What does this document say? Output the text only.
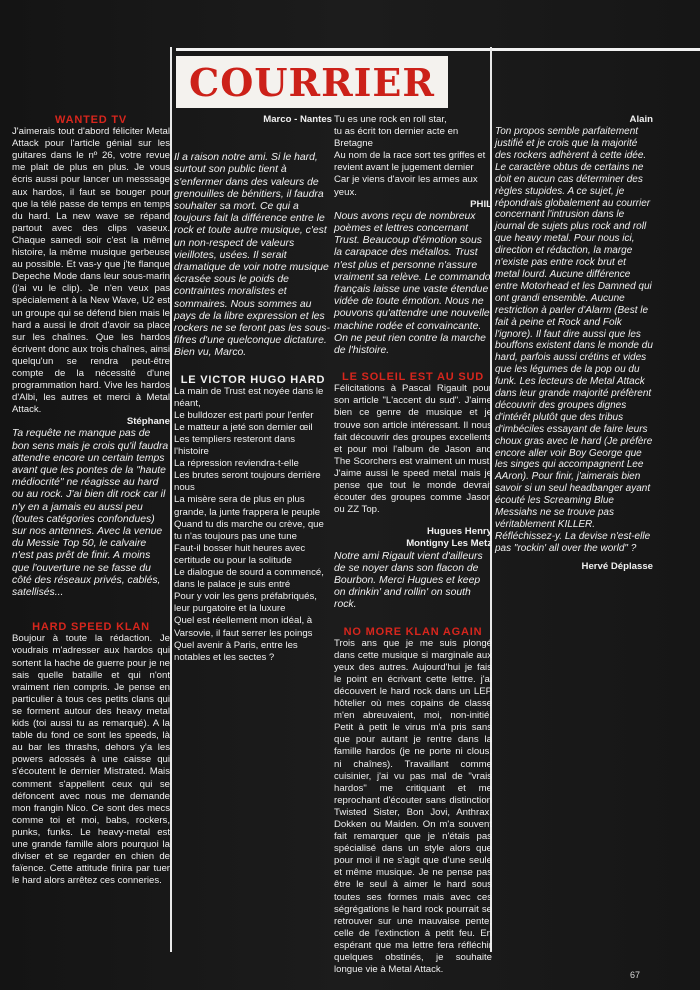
COURRIER

WANTED TV

J'aimerais tout d'abord féliciter Metal Attack pour l'article génial sur les guitares dans le nº 26, votre revue me plait de plus en plus. Je vous écris aussi pour lancer un messsage aux hardos, il faut se bouger pour que la télé passe de temps en temps du hard. La new wave se répand partout avec des clips vaseux. Chaque samedi soir c'est la même histoire, la même musique gerbeuse au possible. Et vas-y que j'te flanque Depeche Mode dans leur sous-marin (j'ai vu le clip). Je n'en veux pas spécialement à la New Wave, U2 est un groupe qui se défend bien mais le hard a aussi le droit d'avoir sa place sur les chaînes. Que les hardos écrivent donc aux trois chaînes, ainsi quelqu'un se rendra peut-être compte de la nécessité d'une programmation hard. Vive les hardos d'Albi, les autres et merci à Metal Attack.

Stéphane

Ta requête ne manque pas de bon sens mais je crois qu'il faudra attendre encore un certain temps avant que les pontes de la "haute médiocrité" ne réagisse au hard ou au rock. J'ai bien dit rock car il n'y en a jamais eu aussi peu (toutes catégories confondues) sur nos antennes. Avec la venue du Messie Top 50, le calvaire n'est pas prêt de finir. A moins que l'ouverture ne se fasse du côté des réseaux privés, cablés, satellisés...

HARD SPEED KLAN

Boujour à toute la rédaction. Je voudrais m'adresser aux hardos qui sortent la hache de guerre pour je ne sais quelle bataille et qui n'ont vraiment rien compris. Je pense en particulier à tous ces petits clans qui se forment autour des heavy metal kids (toi aussi tu as remarqué). A la table du fond ce sont les speeds, là au bar les thrashs, dehors y'a les powers adossés à une caisse qui s'écoutent le dernier Mistrated. Mais comment s'appellent ceux qui se défoncent avec nous me demande mon frangin Nico. Ce sont des mecs comme toi et moi, babs, rockers, punks, funks. Le heavy-metal est une grande famille alors pourquoi la diviser et se regarder en chien de faïence. Cette attitude finira par tuer le hard alors arrêtez ces conneries.

Marco - Nantes

Il a raison notre ami. Si le hard, surtout son public tient à s'enfermer dans des valeurs de grenouilles de bénitiers, il faudra souhaiter sa mort. Ce qui a toujours fait la différence entre le rock et toute autre musique, c'est un non-respect de valeurs vieillotes, usées. Il serait dramatique de voir notre musique écrasée sous le poids de contraintes moralistes et sommaires. Nous sommes au pays de la libre expression et les rockers ne se feront pas les sous-fifres d'une quelconque dictature. Bien vu, Marco.

LE VICTOR HUGO HARD

La main de Trust est noyée dans le néant,
Le bulldozer est parti pour l'enfer
Le matteur a jeté son dernier œil
Les templiers resteront dans l'histoire
La répression reviendra-t-elle
Les brutes seront toujours derrière nous
La misère sera de plus en plus grande, la junte frappera le peuple
Quand tu dis marche ou crève, que tu n'as toujours pas une tune
Faut-il bosser huit heures avec certitude ou pour la solitude
Le dialogue de sourd a commencé, dans le palace je suis entré
Pour y voir les gens préfabriqués, leur purgatoire et la luxure
Quel est réellement mon idéal, à Varsovie, il faut serrer les poings
Quel avenir à Paris, entre les notables et les sectes ?
Tu es une rock en roll star,
tu as écrit ton dernier acte en Bretagne
Au nom de la race sort tes griffes et revient avant le jugement dernier
Car je viens d'avoir les armes aux yeux.

PHIL

Nous avons reçu de nombreux poèmes et lettres concernant Trust. Beaucoup d'émotion sous la carapace des métallos. Trust n'est plus et personne n'assure vraiment sa relève. Le commando français laisse une vaste étendue vidée de toute émotion. Nous ne pouvons qu'attendre une nouvelle machine rodée et convaincante. On ne peut rien contre la marche de l'histoire.

LE SOLEIL EST AU SUD

Félicitations à Pascal Rigault pour son article "L'accent du sud". J'aime bien ce genre de musique et je trouve son article intéressant. Il nous fait découvrir des groupes excellents et pour moi l'album de Jason and The Scorchers est vraiment un must. J'aime aussi le speed metal mais je pense que tout le monde devrait écouter des groupes comme Jason ou ZZ Top.

Hugues Henry

Montigny Les Metz

Notre ami Rigault vient d'ailleurs de se noyer dans son flacon de Bourbon. Merci Hugues et keep on drinkin' and rollin' on south rock.

NO MORE KLAN AGAIN

Trois ans que je me suis plongé dans cette musique si marginale aux yeux des autres. Aujourd'hui je fais le point en écrivant cette lettre. j'ai découvert le hard rock dans un LEP hôtelier où mes copains de classe m'en abreuvaient, moi, non-initié. Petit à petit le virus m'a pris sans que pour autant je rentre dans la famille hardos (je ne porte ni clous, ni chaînes). Travaillant comme cuisinier, j'ai vu pas mal de "vrais hardos" me critiquant et me reprochant d'écouter sans distinction Twisted Sister, Bon Jovi, Anthrax, Dokken ou Maiden. On m'a souvent fait remarquer que je n'étais pas spécialisé dans un style alors que pour moi il ne s'agit que d'une seule et même musique. Je ne pense pas être le seul à aimer le hard sous toutes ses formes mais avec ces ségrégations le hard rock pourrait se retrouver sur une mauvaise pente, celle de l'extinction à petit feu. En espérant que ma lettre fera réfléchir quelques obstinés, je souhaite longue vie à Metal Attack.

Alain

Ton propos semble parfaitement justifié et je crois que la majorité des rockers adhèrent à cette idée. Le caractère obtus de certains ne doit en aucun cas déterminer des règles stupides. A ce sujet, je répondrais globalement au courrier concernant l'intrusion dans le journal de sujets plus rock and roll que heavy metal. Pour nous ici, direction et rédaction, la marge n'existe pas entre rock brut et metal lourd. Aucune différence entre Motorhead et les Damned qui ont grandi ensemble. Aucune restriction à parler d'Alarm (Best le fait à peine et Rock and Folk l'ignore). Il faut dire aussi que les bouffons existent dans le monde du hard, parfois aussi crétins et vides que les légumes de la pop ou du funk. Les lecteurs de Metal Attack dans leur grande majorité préfèrent découvrir des groupes dignes d'intérêt plutôt que des tribus d'imbéciles essayant de faire leurs choux gras avec le hard (Je préfère encore aller voir Boy George que les singes qui accompagnent Lee AAron). Pour finir, j'aimerais bien savoir si un seul headbanger ayant écouté les Screaming Blue Messiahs ne se trouve pas véritablement KILLER. Réfléchissez-y. La devise n'est-elle pas "rockin' all over the world" ?

Hervé Déplasse

67
